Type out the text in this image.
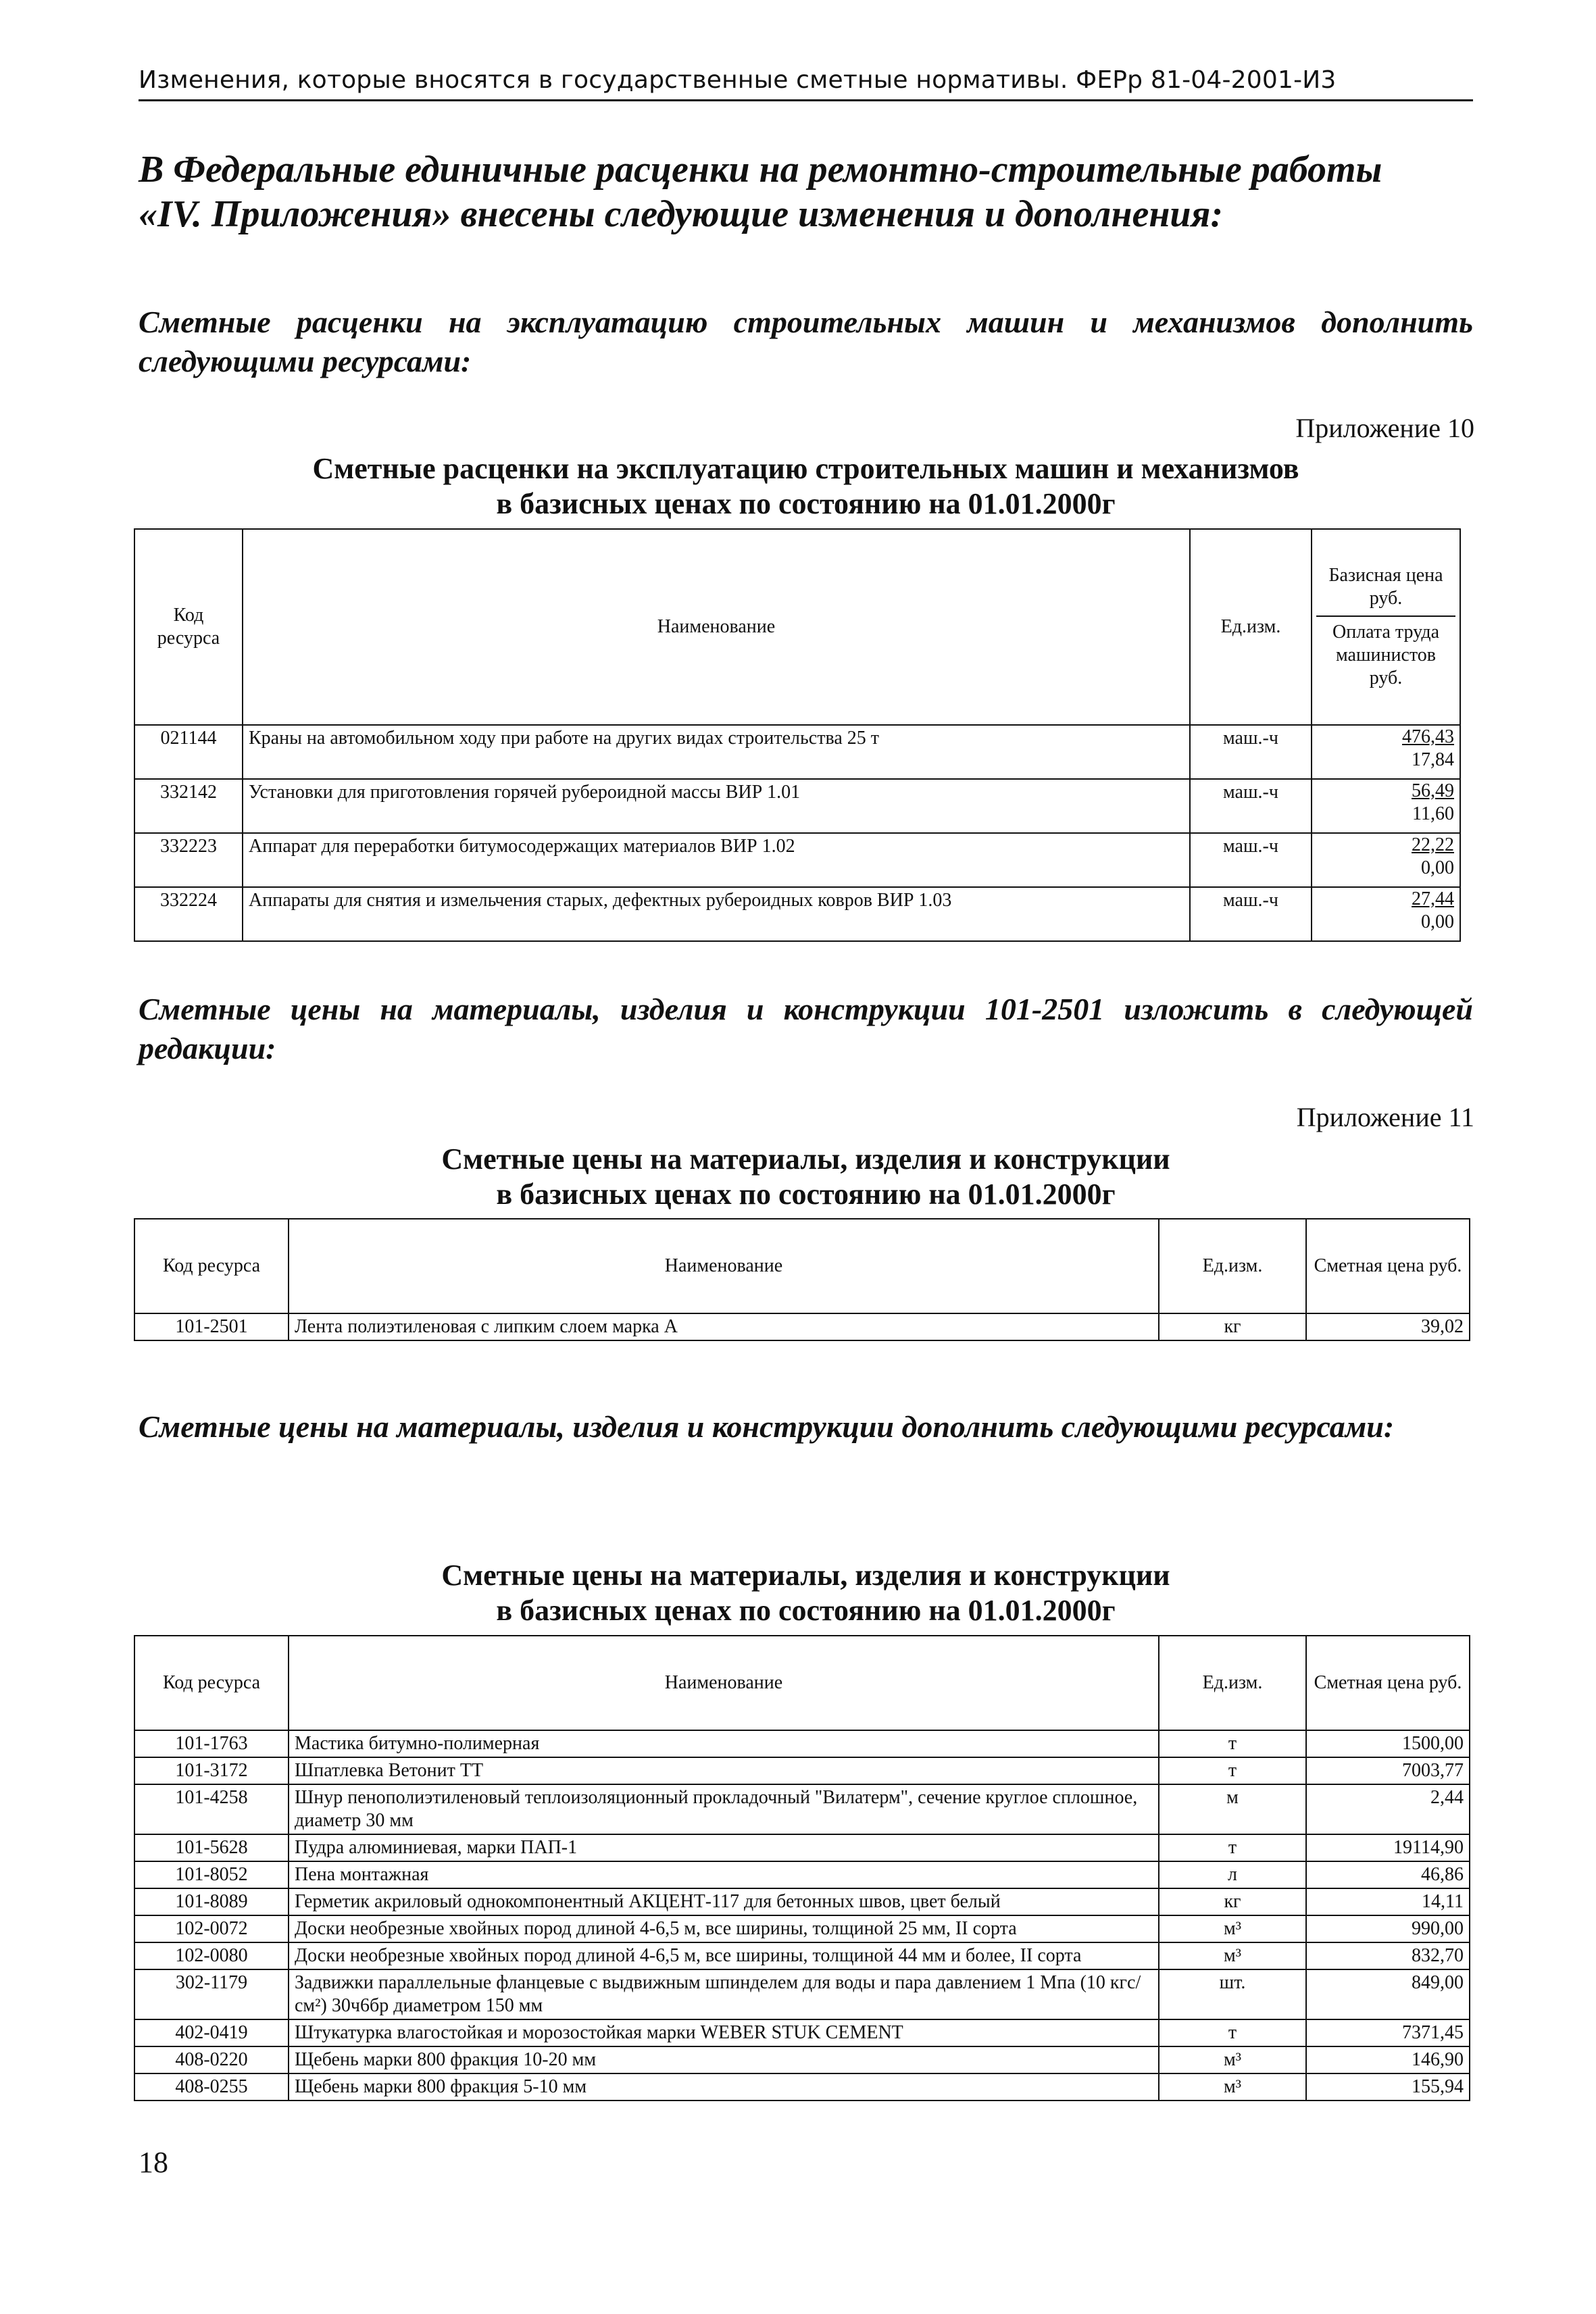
Изменения, которые вносятся в государственные сметные нормативы. ФЕРр 81-04-2001-И3
В Федеральные единичные расценки на ремонтно-строительные работы
«IV. Приложения» внесены следующие изменения и дополнения:

Сметные расценки на эксплуатацию строительных машин и механизмов дополнить следующими ресурсами:

Приложение 10
Сметные расценки на эксплуатацию строительных машин и механизмов
в базисных ценах по состоянию на 01.01.2000г
Код ресурса	Наименование	Ед.изм.	Базисная цена руб.
Оплата труда машинистов руб.

021144	Краны на автомобильном ходу при работе на других видах строительства 25 т	маш.-ч	476,43
17,84

332142	Установки для приготовления горячей рубероидной массы ВИР 1.01	маш.-ч	56,49
11,60

332223	Аппарат для переработки битумосодержащих материалов ВИР 1.02	маш.-ч	22,22
0,00

332224	Аппараты для снятия и измельчения старых, дефектных рубероидных ковров ВИР 1.03	маш.-ч	27,44
0,00

Сметные цены на материалы, изделия и конструкции 101-2501 изложить в следующей редакции:

Приложение 11
Сметные цены на материалы, изделия и конструкции
в базисных ценах по состоянию на 01.01.2000г
Код ресурса	Наименование	Ед.изм.	Сметная цена руб.
101-2501	Лента полиэтиленовая с липким слоем марка А	кг	39,02

Сметные цены на материалы, изделия и конструкции дополнить следующими ресурсами:

Сметные цены на материалы, изделия и конструкции
в базисных ценах по состоянию на 01.01.2000г
Код ресурса	Наименование	Ед.изм.	Сметная цена руб.
101-1763	Мастика битумно-полимерная	т	1500,00
101-3172	Шпатлевка Ветонит ТТ	т	7003,77
101-4258	Шнур пенополиэтиленовый теплоизоляционный прокладочный "Вилатерм", сечение круглое сплошное, диаметр 30 мм	м	2,44
101-5628	Пудра алюминиевая, марки ПАП-1	т	19114,90
101-8052	Пена монтажная	л	46,86
101-8089	Герметик акриловый однокомпонентный АКЦЕНТ-117 для бетонных швов, цвет белый	кг	14,11
102-0072	Доски необрезные хвойных пород длиной 4-6,5 м, все ширины, толщиной 25 мм, II сорта	м³	990,00
102-0080	Доски необрезные хвойных пород длиной 4-6,5 м, все ширины, толщиной 44 мм и более, II сорта	м³	832,70
302-1179	Задвижки параллельные фланцевые с выдвижным шпинделем для воды и пара давлением 1 Мпа (10 кгс/см²) 30ч6бр диаметром 150 мм	шт.	849,00
402-0419	Штукатурка влагостойкая и морозостойкая марки WEBER STUK CEMENT	т	7371,45
408-0220	Щебень марки 800 фракция 10-20 мм	м³	146,90
408-0255	Щебень марки 800 фракция 5-10 мм	м³	155,94
18
